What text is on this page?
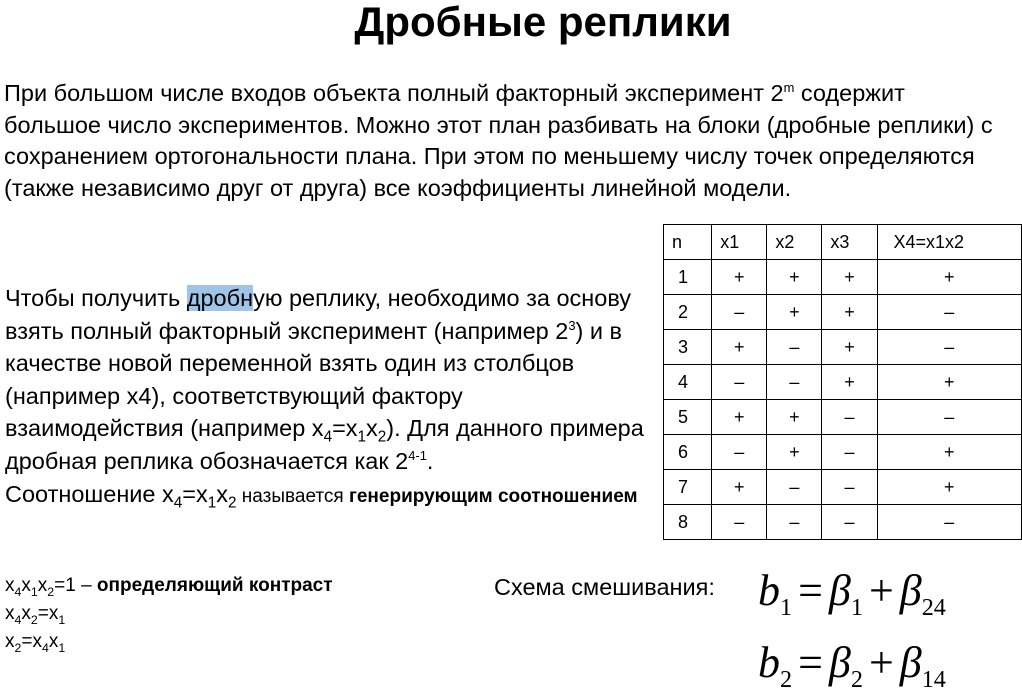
Дробные реплики
При большом числе входов объекта полный факторный эксперимент 2$^m$ содержит большое число экспериментов. Можно этот план разбивать на блоки (дробные реплики) с сохранением ортогональности плана. При этом по меньшему числу точек определяются (также независимо друг от друга) все коэффициенты линейной модели.
Чтобы получить дробную реплику, необходимо за основу взять полный факторный эксперимент (например $2^3$) и в качестве новой переменной взять один из столбцов (например x4), соответствующий фактору взаимодействия (например $x_4=x_1x_2$). Для данного примера дробная реплика обозначается как 2$^{4-1}$.
Соотношение $x_4=x_1x_2$ называется генерирующим соотношением
$x_4x_1x_2=1$ – определяющий контраст
$x_4x_2=x_1$
$x_2=x_4x_1$
Схема смешивания: $b_1 = \beta_1 + \beta_{24}$
$b_2 = \beta_2 + \beta_{14}$
n	x1	x2	x3	X4=x1x2
1	+	+	+	+
2	–	+	+	–
3	+	–	+	–
4	–	–	+	+
5	+	+	–	–
6	–	+	–	+
7	+	–	–	+
8	–	–	–	–
